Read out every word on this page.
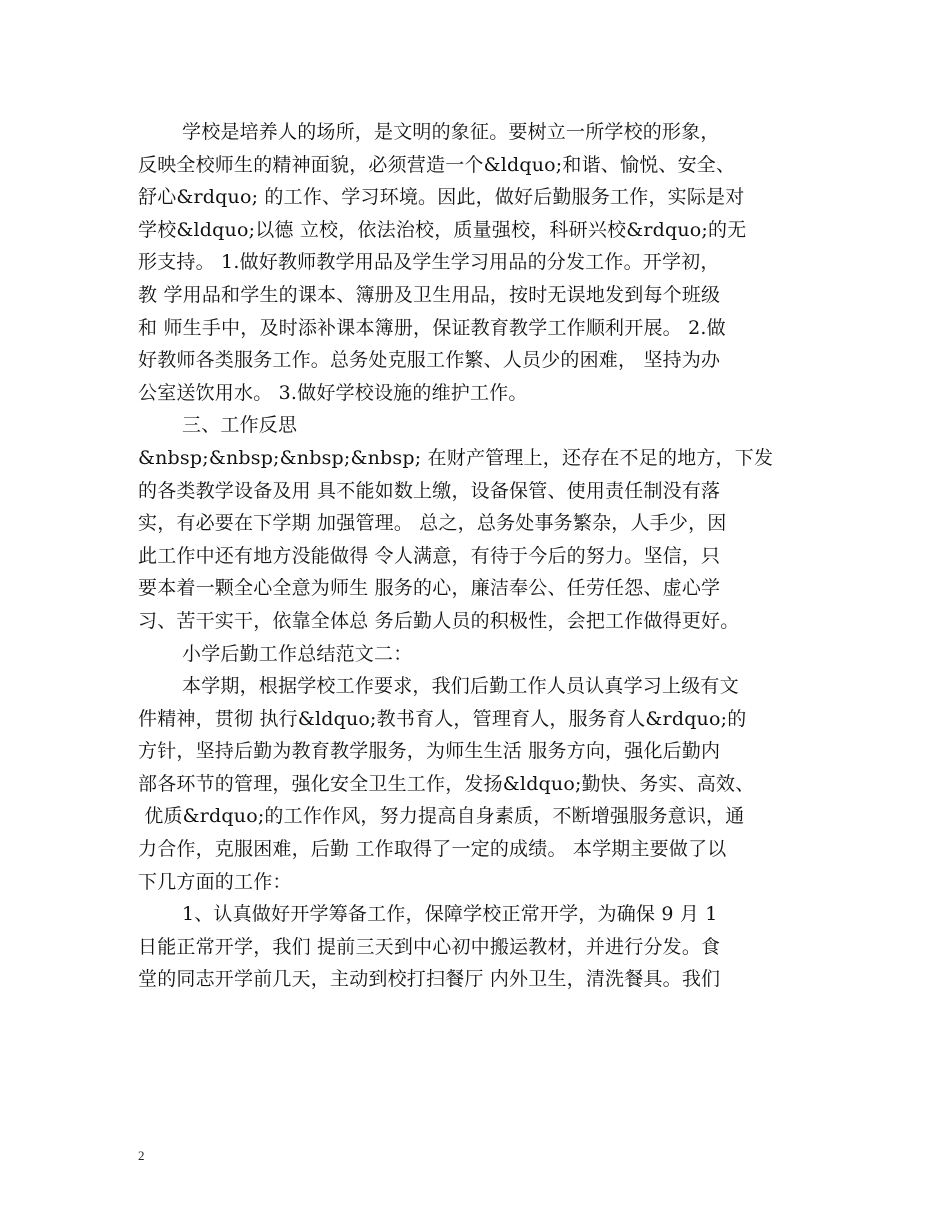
学校是培养人的场所，是文明的象征。要树立一所学校的形象，
反映全校师生的精神面貌，必须营造一个&ldquo;和谐、愉悦、安全、
舒心&rdquo; 的工作、学习环境。因此，做好后勤服务工作，实际是对
学校&ldquo;以德 立校，依法治校，质量强校，科研兴校&rdquo;的无
形支持。 1.做好教师教学用品及学生学习用品的分发工作。开学初，
教 学用品和学生的课本、簿册及卫生用品，按时无误地发到每个班级
和 师生手中，及时添补课本簿册，保证教育教学工作顺利开展。 2.做
好教师各类服务工作。总务处克服工作繁、人员少的困难， 坚持为办
公室送饮用水。 3.做好学校设施的维护工作。
三、工作反思
&nbsp;&nbsp;&nbsp;&nbsp; 在财产管理上，还存在不足的地方，下发
的各类教学设备及用 具不能如数上缴，设备保管、使用责任制没有落
实，有必要在下学期 加强管理。 总之，总务处事务繁杂，人手少，因
此工作中还有地方没能做得 令人满意，有待于今后的努力。坚信，只
要本着一颗全心全意为师生 服务的心，廉洁奉公、任劳任怨、虚心学
习、苦干实干，依靠全体总 务后勤人员的积极性，会把工作做得更好。
小学后勤工作总结范文二：
本学期，根据学校工作要求，我们后勤工作人员认真学习上级有文
件精神，贯彻 执行&ldquo;教书育人，管理育人，服务育人&rdquo;的
方针，坚持后勤为教育教学服务，为师生生活 服务方向，强化后勤内
部各环节的管理，强化安全卫生工作，发扬&ldquo;勤快、务实、高效、
优质&rdquo;的工作作风，努力提高自身素质，不断增强服务意识，通
力合作，克服困难，后勤 工作取得了一定的成绩。 本学期主要做了以
下几方面的工作：
1、认真做好开学筹备工作，保障学校正常开学，为确保 9 月 1
日能正常开学，我们 提前三天到中心初中搬运教材，并进行分发。食
堂的同志开学前几天，主动到校打扫餐厅 内外卫生，清洗餐具。我们
2
